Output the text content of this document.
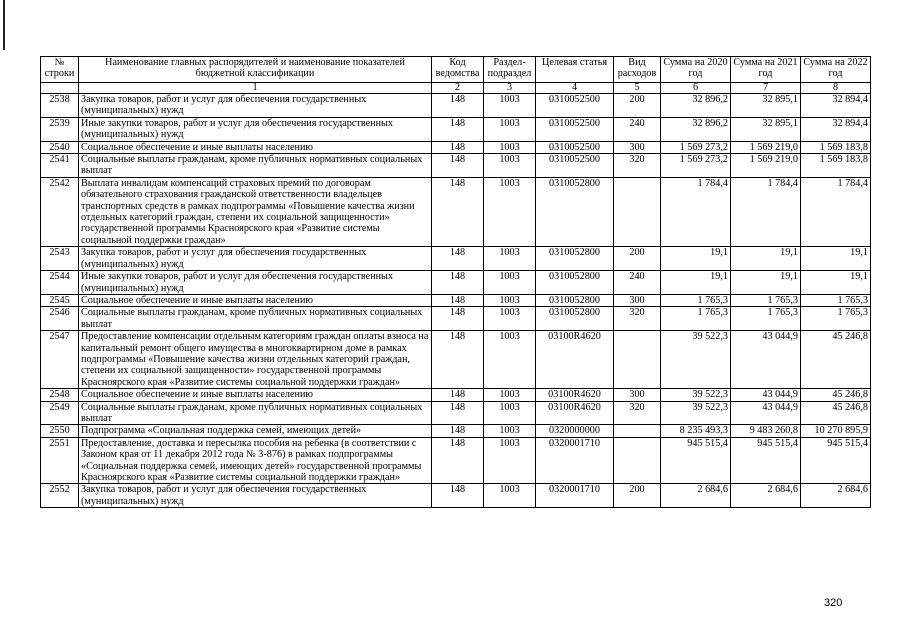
№ строки	Наименование главных распорядителей и наименование показателей бюджетной классификации	Код ведомства	Раздел-подраздел	Целевая статья	Вид расходов	Сумма на 2020 год	Сумма на 2021 год	Сумма на 2022 год
	1	2	3	4	5	6	7	8
2538	Закупка товаров, работ и услуг для обеспечения государственных (муниципальных) нужд	148	1003	0310052500	200	32 896,2	32 895,1	32 894,4
2539	Иные закупки товаров, работ и услуг для обеспечения государственных (муниципальных) нужд	148	1003	0310052500	240	32 896,2	32 895,1	32 894,4
2540	Социальное обеспечение и иные выплаты населению	148	1003	0310052500	300	1 569 273,2	1 569 219,0	1 569 183,8
2541	Социальные выплаты гражданам, кроме публичных нормативных социальных выплат	148	1003	0310052500	320	1 569 273,2	1 569 219,0	1 569 183,8
2542	Выплата инвалидам компенсаций страховых премий по договорам обязательного страхования гражданской ответственности владельцев транспортных средств в рамках подпрограммы «Повышение качества жизни отдельных категорий граждан, степени их социальной защищенности» государственной программы Красноярского края «Развитие системы социальной поддержки граждан»	148	1003	0310052800		1 784,4	1 784,4	1 784,4
2543	Закупка товаров, работ и услуг для обеспечения государственных (муниципальных) нужд	148	1003	0310052800	200	19,1	19,1	19,1
2544	Иные закупки товаров, работ и услуг для обеспечения государственных (муниципальных) нужд	148	1003	0310052800	240	19,1	19,1	19,1
2545	Социальное обеспечение и иные выплаты населению	148	1003	0310052800	300	1 765,3	1 765,3	1 765,3
2546	Социальные выплаты гражданам, кроме публичных нормативных социальных выплат	148	1003	0310052800	320	1 765,3	1 765,3	1 765,3
2547	Предоставление компенсации отдельным категориям граждан оплаты взноса на капитальный ремонт общего имущества в многоквартирном доме в рамках подпрограммы «Повышение качества жизни отдельных категорий граждан, степени их социальной защищенности» государственной программы Красноярского края «Развитие системы социальной поддержки граждан»	148	1003	03100R4620		39 522,3	43 044,9	45 246,8
2548	Социальное обеспечение и иные выплаты населению	148	1003	03100R4620	300	39 522,3	43 044,9	45 246,8
2549	Социальные выплаты гражданам, кроме публичных нормативных социальных выплат	148	1003	03100R4620	320	39 522,3	43 044,9	45 246,8
2550	Подпрограмма «Социальная поддержка семей, имеющих детей»	148	1003	0320000000		8 235 493,3	9 483 260,8	10 270 895,9
2551	Предоставление, доставка и пересылка пособия на ребенка (в соответствии с Законом края от 11 декабря 2012 года № 3-876) в рамках подпрограммы «Социальная поддержка семей, имеющих детей» государственной программы Красноярского края «Развитие системы социальной поддержки граждан»	148	1003	0320001710		945 515,4	945 515,4	945 515,4
2552	Закупка товаров, работ и услуг для обеспечения государственных (муниципальных) нужд	148	1003	0320001710	200	2 684,6	2 684,6	2 684,6
320
